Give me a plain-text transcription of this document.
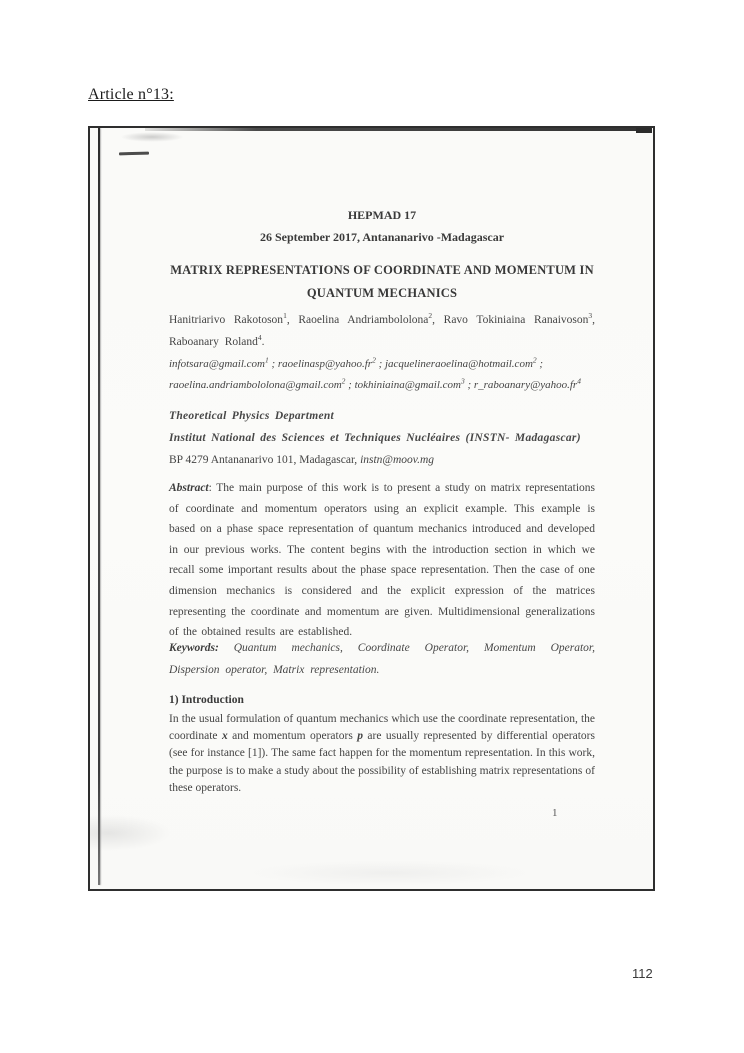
Article n°13:
HEPMAD 17
26 September 2017, Antananarivo -Madagascar
MATRIX REPRESENTATIONS OF COORDINATE AND MOMENTUM IN
QUANTUM MECHANICS
Hanitriarivo Rakotoson$^1$, Raoelina Andriambololona$^2$, Ravo Tokiniaina Ranaivoson$^3$, Raboanary Roland$^4$.
infotsara@gmail.com$^1$ ; $raoelinasp@yahoo.fr^2$ ; jacquelineraoelina@hotmail.com$^2$ ;
raoelina.andriambololona@gmail.com$^2$ ; tokhiniaina@gmail.com$^3$ ; $r\_raboanary@yahoo.fr^4$
Theoretical Physics Department
Institut National des Sciences et Techniques Nucléaires (INSTN- Madagascar)
BP 4279 Antananarivo 101, Madagascar, instn@moov.mg
Abstract: The main purpose of this work is to present a study on matrix representations of coordinate and momentum operators using an explicit example. This example is based on a phase space representation of quantum mechanics introduced and developed in our previous works. The content begins with the introduction section in which we recall some important results about the phase space representation. Then the case of one dimension mechanics is considered and the explicit expression of the matrices representing the coordinate and momentum are given. Multidimensional generalizations of the obtained results are established.
Keywords: Quantum mechanics, Coordinate Operator, Momentum Operator, Dispersion operator, Matrix representation.
1) Introduction
In the usual formulation of quantum mechanics which use the coordinate representation, the coordinate x and momentum operators p are usually represented by differential operators (see for instance [1]). The same fact happen for the momentum representation. In this work, the purpose is to make a study about the possibility of establishing matrix representations of these operators.
1
112
